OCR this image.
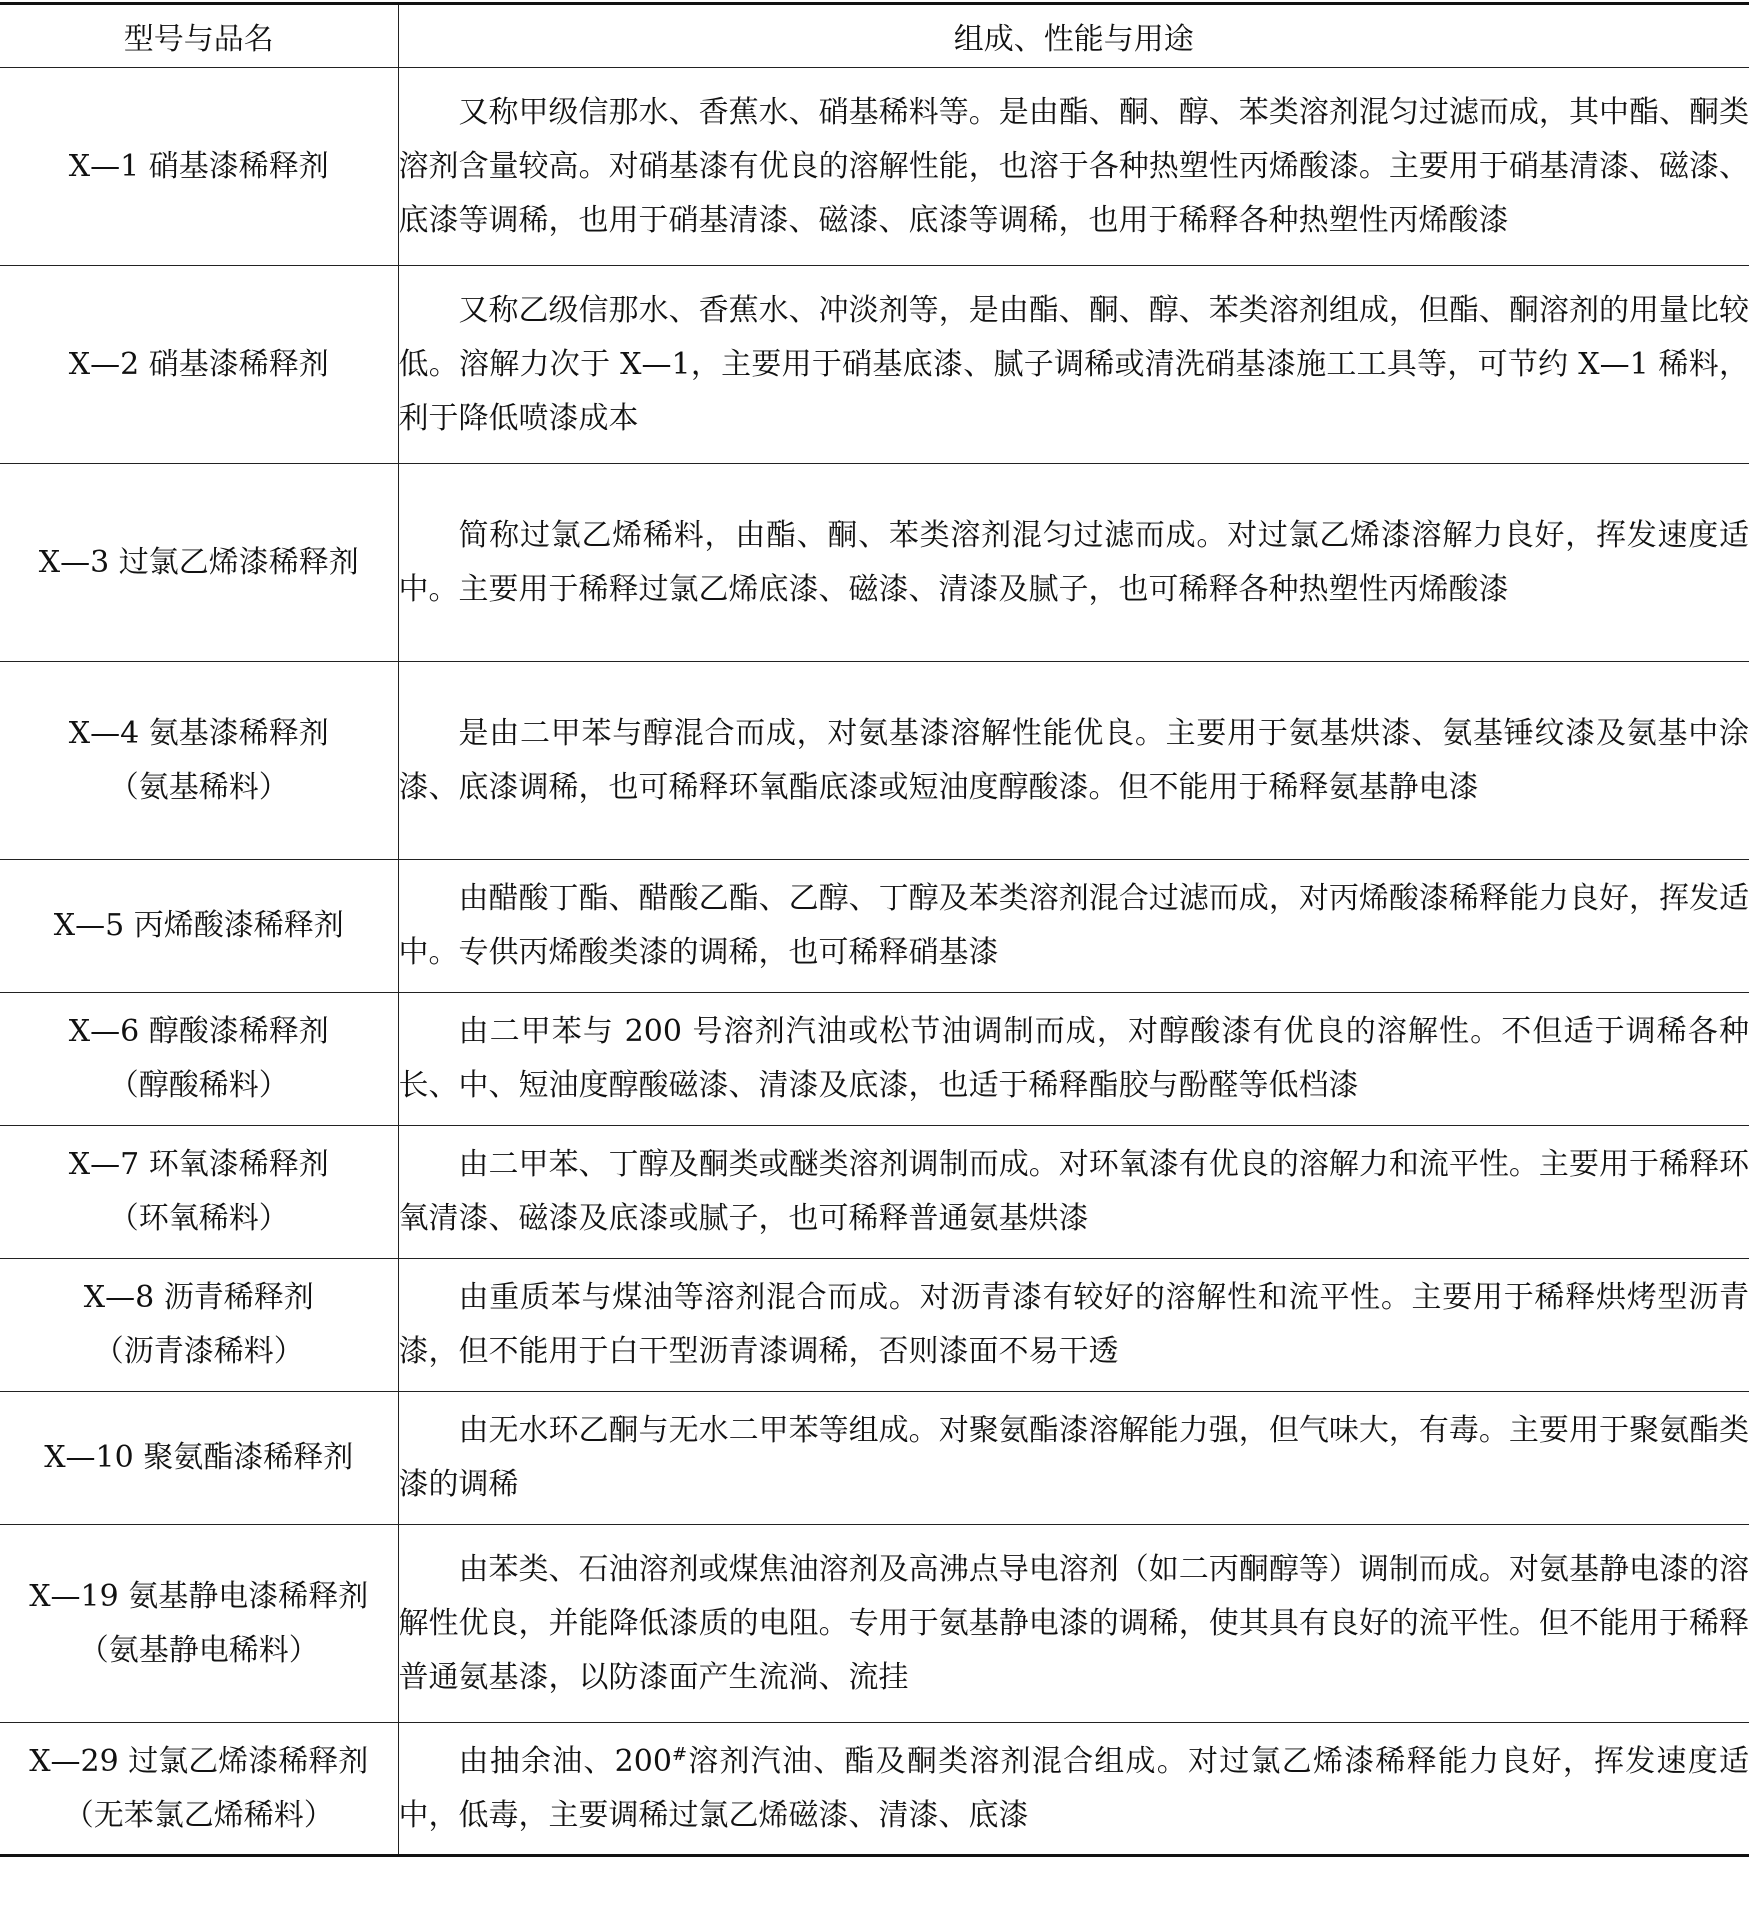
型号与品名	组成、性能与用途

X—1 硝基漆稀释剂	又称甲级信那水、香蕉水、硝基稀料等。是由酯、酮、醇、苯类溶剂混匀过滤而成，其中酯、酮类溶剂含量较高。对硝基漆有优良的溶解性能，也溶于各种热塑性丙烯酸漆。主要用于硝基清漆、磁漆、底漆等调稀，也用于硝基清漆、磁漆、底漆等调稀，也用于稀释各种热塑性丙烯酸漆

X—2 硝基漆稀释剂	又称乙级信那水、香蕉水、冲淡剂等，是由酯、酮、醇、苯类溶剂组成，但酯、酮溶剂的用量比较低。溶解力次于 X—1，主要用于硝基底漆、腻子调稀或清洗硝基漆施工工具等，可节约 X—1 稀料，利于降低喷漆成本

X—3 过氯乙烯漆稀释剂	简称过氯乙烯稀料，由酯、酮、苯类溶剂混匀过滤而成。对过氯乙烯漆溶解力良好，挥发速度适中。主要用于稀释过氯乙烯底漆、磁漆、清漆及腻子，也可稀释各种热塑性丙烯酸漆

X—4 氨基漆稀释剂
（氨基稀料）	是由二甲苯与醇混合而成，对氨基漆溶解性能优良。主要用于氨基烘漆、氨基锤纹漆及氨基中涂漆、底漆调稀，也可稀释环氧酯底漆或短油度醇酸漆。但不能用于稀释氨基静电漆

X—5 丙烯酸漆稀释剂	由醋酸丁酯、醋酸乙酯、乙醇、丁醇及苯类溶剂混合过滤而成，对丙烯酸漆稀释能力良好，挥发适中。专供丙烯酸类漆的调稀，也可稀释硝基漆

X—6 醇酸漆稀释剂
（醇酸稀料）	由二甲苯与 200 号溶剂汽油或松节油调制而成，对醇酸漆有优良的溶解性。不但适于调稀各种长、中、短油度醇酸磁漆、清漆及底漆，也适于稀释酯胶与酚醛等低档漆

X—7 环氧漆稀释剂
（环氧稀料）	由二甲苯、丁醇及酮类或醚类溶剂调制而成。对环氧漆有优良的溶解力和流平性。主要用于稀释环氧清漆、磁漆及底漆或腻子，也可稀释普通氨基烘漆

X—8 沥青稀释剂
（沥青漆稀料）	由重质苯与煤油等溶剂混合而成。对沥青漆有较好的溶解性和流平性。主要用于稀释烘烤型沥青漆，但不能用于白干型沥青漆调稀，否则漆面不易干透

X—10 聚氨酯漆稀释剂	由无水环乙酮与无水二甲苯等组成。对聚氨酯漆溶解能力强，但气味大，有毒。主要用于聚氨酯类漆的调稀

X—19 氨基静电漆稀释剂
（氨基静电稀料）	由苯类、石油溶剂或煤焦油溶剂及高沸点导电溶剂（如二丙酮醇等）调制而成。对氨基静电漆的溶解性优良，并能降低漆质的电阻。专用于氨基静电漆的调稀，使其具有良好的流平性。但不能用于稀释普通氨基漆，以防漆面产生流淌、流挂

X—29 过氯乙烯漆稀释剂
（无苯氯乙烯稀料）	由抽余油、200#溶剂汽油、酯及酮类溶剂混合组成。对过氯乙烯漆稀释能力良好，挥发速度适中，低毒，主要调稀过氯乙烯磁漆、清漆、底漆
